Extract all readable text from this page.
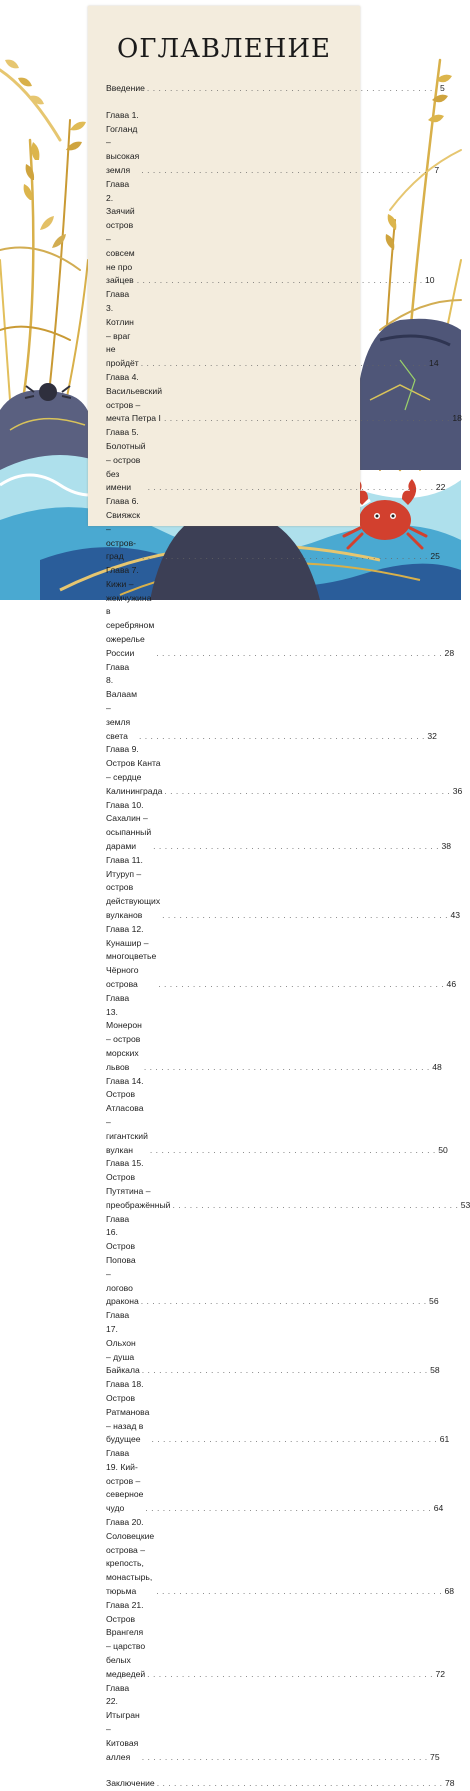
ОГЛАВЛЕНИЕ
Введение . . . . . . . . . . . . . . . . . . . . . . . . . . . . . . . . . . . . . . . . . . . . . . . . . . 5
Глава 1. Гогланд – высокая земля	. . . . . . . . . . . . . . . . . . . . . . . . . . . . . . . . . . . . . . . . . . . . . . . . . . 7
Глава 2. Заячий остров – совсем не про зайцев . . . . . . . . . . . . . . . . . . . . . . . . . . . . . . . . . . . . . . . . . . . . . . . . . . 10
Глава 3. Котлин – враг не пройдёт . . . . . . . . . . . . . . . . . . . . . . . . . . . . . . . . . . . . . . . . . . . . . . . . . . 14
Глава 4. Васильевский остров – мечта Петра I . . . . . . . . . . . . . . . . . . . . . . . . . . . . . . . . . . . . . . . . . . . . . . . . . . 18
Глава 5. Болотный – остров без имени	. . . . . . . . . . . . . . . . . . . . . . . . . . . . . . . . . . . . . . . . . . . . . . . . . . 22
Глава 6. Свияжск – остров-град	. . . . . . . . . . . . . . . . . . . . . . . . . . . . . . . . . . . . . . . . . . . . . . . . . . 25
Глава 7. Кижи – жемчужина в серебряном ожерелье России	. . . . . . . . . . . . . . . . . . . . . . . . . . . . . . . . . . . . . . . . . . . . . . . . . . 28
Глава 8. Валаам – земля света	. . . . . . . . . . . . . . . . . . . . . . . . . . . . . . . . . . . . . . . . . . . . . . . . . . 32
Глава 9. Остров Канта – сердце Калининграда . . . . . . . . . . . . . . . . . . . . . . . . . . . . . . . . . . . . . . . . . . . . . . . . . . 36
Глава 10. Сахалин – осыпанный дарами	. . . . . . . . . . . . . . . . . . . . . . . . . . . . . . . . . . . . . . . . . . . . . . . . . . 38
Глава 11. Итуруп – остров действующих вулканов	. . . . . . . . . . . . . . . . . . . . . . . . . . . . . . . . . . . . . . . . . . . . . . . . . . 43
Глава 12. Кунашир – многоцветье Чёрного острова	. . . . . . . . . . . . . . . . . . . . . . . . . . . . . . . . . . . . . . . . . . . . . . . . . . 46
Глава 13. Монерон – остров морских львов	. . . . . . . . . . . . . . . . . . . . . . . . . . . . . . . . . . . . . . . . . . . . . . . . . . 48
Глава 14. Остров Атласова – гигантский вулкан	. . . . . . . . . . . . . . . . . . . . . . . . . . . . . . . . . . . . . . . . . . . . . . . . . . 50
Глава 15. Остров Путятина – преображённый . . . . . . . . . . . . . . . . . . . . . . . . . . . . . . . . . . . . . . . . . . . . . . . . . . 53
Глава 16. Остров Попова – логово дракона . . . . . . . . . . . . . . . . . . . . . . . . . . . . . . . . . . . . . . . . . . . . . . . . . . 56
Глава 17. Ольхон – душа Байкала . . . . . . . . . . . . . . . . . . . . . . . . . . . . . . . . . . . . . . . . . . . . . . . . . . 58
Глава 18. Остров Ратманова – назад в будущее	. . . . . . . . . . . . . . . . . . . . . . . . . . . . . . . . . . . . . . . . . . . . . . . . . . 61
Глава 19. Кий-остров – северное чудо	. . . . . . . . . . . . . . . . . . . . . . . . . . . . . . . . . . . . . . . . . . . . . . . . . . 64
Глава 20. Соловецкие острова – крепость, монастырь, тюрьма	. . . . . . . . . . . . . . . . . . . . . . . . . . . . . . . . . . . . . . . . . . . . . . . . . . 68
Глава 21. Остров Врангеля – царство белых медведей . . . . . . . . . . . . . . . . . . . . . . . . . . . . . . . . . . . . . . . . . . . . . . . . . . 72
Глава 22. Итыгран – Китовая аллея	. . . . . . . . . . . . . . . . . . . . . . . . . . . . . . . . . . . . . . . . . . . . . . . . . . 75
Заключение . . . . . . . . . . . . . . . . . . . . . . . . . . . . . . . . . . . . . . . . . . . . . . . . . . 78
